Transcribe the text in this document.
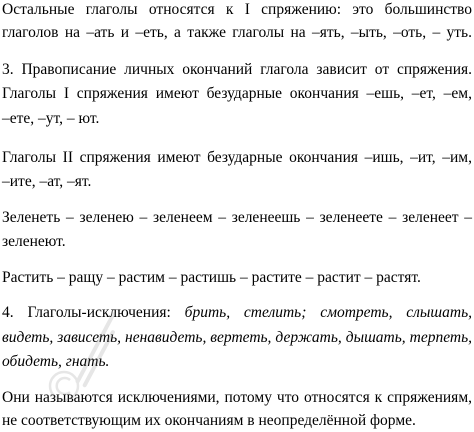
Остальные глаголы относятся к I спряжению: это большинство
глаголов на –ать и –еть, а также глаголы на –ять, –ыть, –оть, – уть.
3. Правописание личных окончаний глагола зависит от спряжения.
Глаголы I спряжения имеют безударные окончания –ешь, –ет, –ем,
–ете, –ут, – ют.
Глаголы II спряжения имеют безударные окончания –ишь, –ит, –им,
–ите, –ат, –ят.
Зеленеть – зеленею – зеленеем – зеленеешь – зеленеете – зеленеет –
зеленеют.
Растить – ращу – растим – растишь – растите – растит – растят.
4. Глаголы-исключения: брить, стелить; смотреть, слышать,
видеть, зависеть, ненавидеть, вертеть, держать, дышать, терпеть,
обидеть, гнать.
Они называются исключениями, потому что относятся к спряжениям,
не соответствующим их окончаниям в неопределённой форме.
